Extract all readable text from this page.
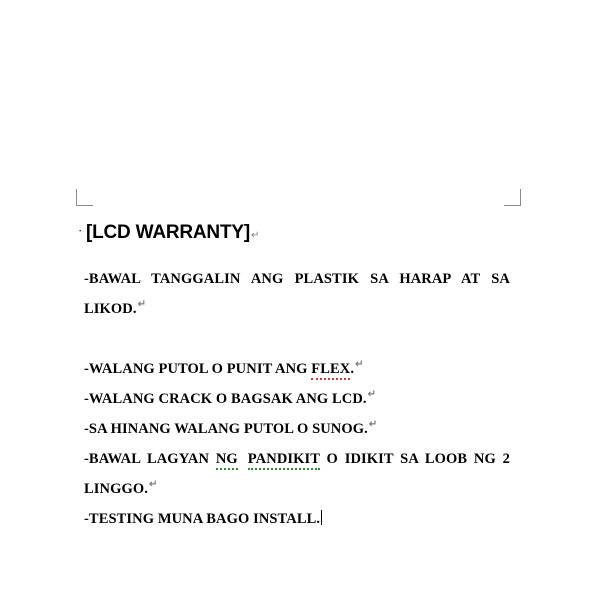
· [LCD WARRANTY] ↵

-BAWAL TANGGALIN ANG PLASTIK SA HARAP AT SA LIKOD.↵

-WALANG PUTOL O PUNIT ANG FLEX.↵

-WALANG CRACK O BAGSAK ANG LCD.↵

-SA HINANG WALANG PUTOL O SUNOG.↵

-BAWAL LAGYAN NG PANDIKIT O IDIKIT SA LOOB NG 2 LINGGO.↵

-TESTING MUNA BAGO INSTALL.
